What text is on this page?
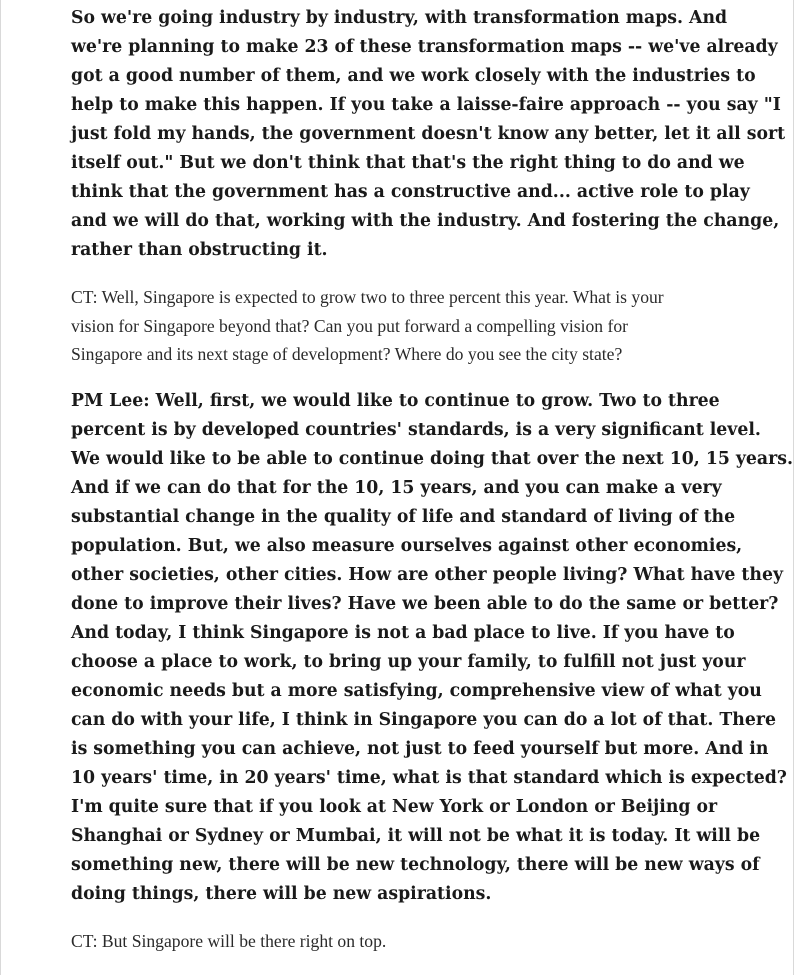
So we're going industry by industry, with transformation maps. And
we're planning to make 23 of these transformation maps -- we've already
got a good number of them, and we work closely with the industries to
help to make this happen. If you take a laisse-faire approach -- you say "I
just fold my hands, the government doesn't know any better, let it all sort
itself out." But we don't think that that's the right thing to do and we
think that the government has a constructive and... active role to play
and we will do that, working with the industry. And fostering the change,
rather than obstructing it.

CT: Well, Singapore is expected to grow two to three percent this year. What is your
vision for Singapore beyond that? Can you put forward a compelling vision for
Singapore and its next stage of development? Where do you see the city state?

PM Lee: Well, first, we would like to continue to grow. Two to three
percent is by developed countries' standards, is a very significant level.
We would like to be able to continue doing that over the next 10, 15 years.
And if we can do that for the 10, 15 years, and you can make a very
substantial change in the quality of life and standard of living of the
population. But, we also measure ourselves against other economies,
other societies, other cities. How are other people living? What have they
done to improve their lives? Have we been able to do the same or better?
And today, I think Singapore is not a bad place to live. If you have to
choose a place to work, to bring up your family, to fulfill not just your
economic needs but a more satisfying, comprehensive view of what you
can do with your life, I think in Singapore you can do a lot of that. There
is something you can achieve, not just to feed yourself but more. And in
10 years' time, in 20 years' time, what is that standard which is expected?
I'm quite sure that if you look at New York or London or Beijing or
Shanghai or Sydney or Mumbai, it will not be what it is today. It will be
something new, there will be new technology, there will be new ways of
doing things, there will be new aspirations.

CT: But Singapore will be there right on top.
